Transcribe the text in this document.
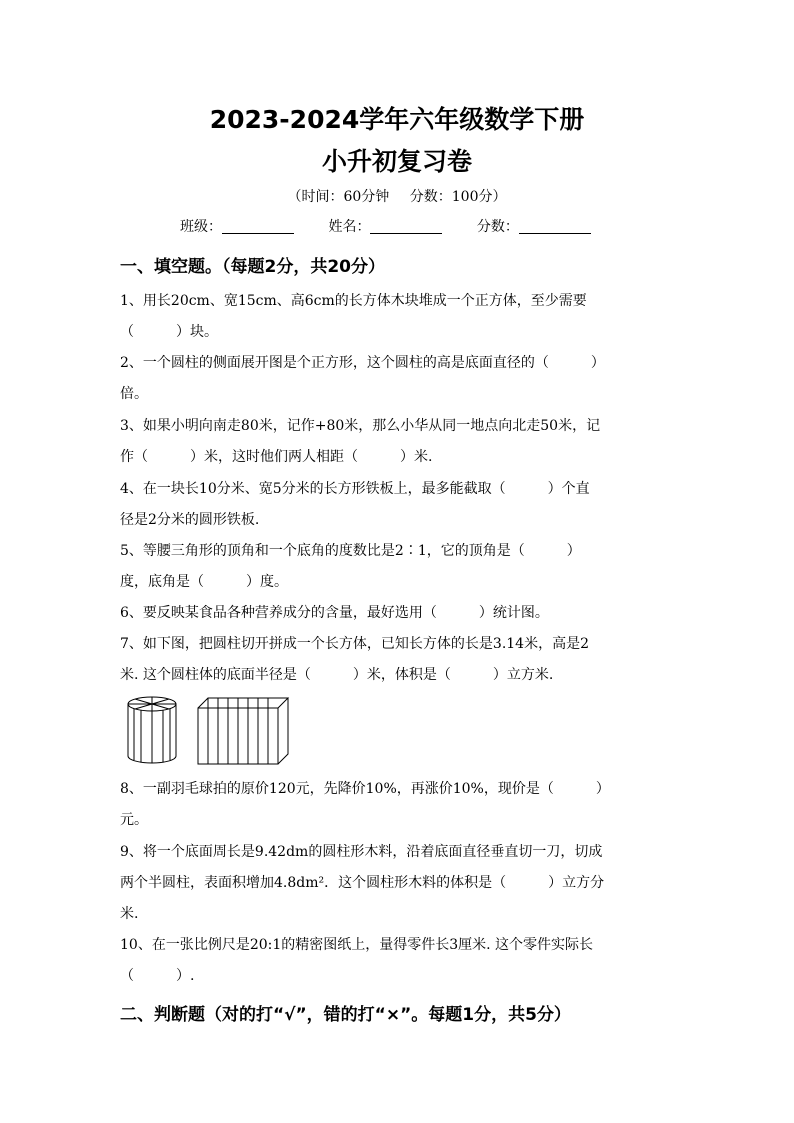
2023-2024学年六年级数学下册
小升初复习卷
（时间：60分钟 分数：100分）
班级：	姓名：	分数：
一、填空题。（每题2分，共20分）
1、用长20cm、宽15cm、高6cm的长方体木块堆成一个正方体，至少需要
（　　　）块。
2、一个圆柱的侧面展开图是个正方形，这个圆柱的高是底面直径的（　　　）
倍。
3、如果小明向南走80米，记作+80米，那么小华从同一地点向北走50米，记
作（　　　）米，这时他们两人相距（　　　）米.
4、在一块长10分米、宽5分米的长方形铁板上，最多能截取（　　　）个直
径是2分米的圆形铁板.
5、等腰三角形的顶角和一个底角的度数比是2∶1，它的顶角是（　　　）
度，底角是（　　　）度。
6、要反映某食品各种营养成分的含量，最好选用（　　　）统计图。
7、如下图，把圆柱切开拼成一个长方体，已知长方体的长是3.14米，高是2
米. 这个圆柱体的底面半径是（　　　）米，体积是（　　　）立方米.
8、一副羽毛球拍的原价120元，先降价10%，再涨价10%，现价是（　　　）
元。
9、将一个底面周长是9.42dm的圆柱形木料，沿着底面直径垂直切一刀，切成
两个半圆柱，表面积增加4.8dm²．这个圆柱形木料的体积是（　　　）立方分
米.
10、在一张比例尺是20:1的精密图纸上，量得零件长3厘米. 这个零件实际长
（　　　）.
二、判断题（对的打“√”，错的打“×”。每题1分，共5分）
